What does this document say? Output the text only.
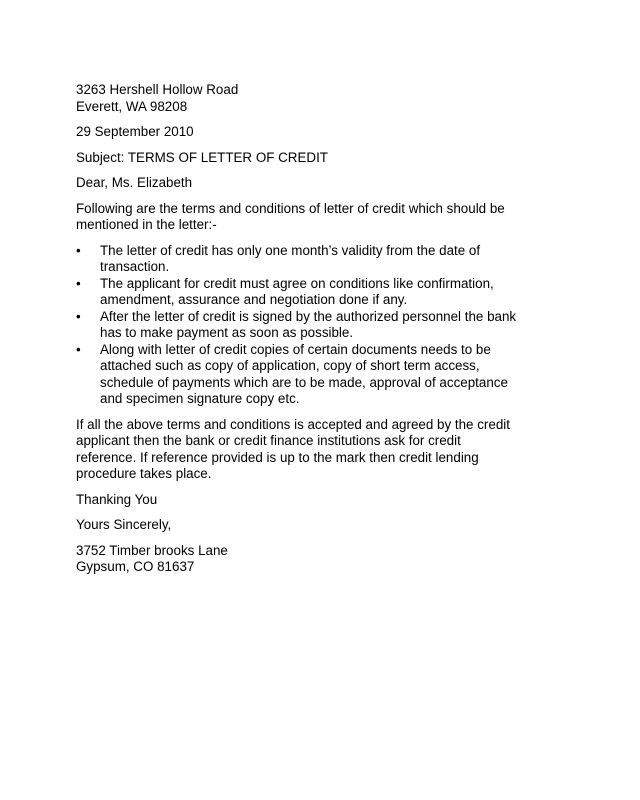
3263 Hershell Hollow Road
Everett, WA 98208
29 September 2010
Subject: TERMS OF LETTER OF CREDIT
Dear, Ms. Elizabeth
Following are the terms and conditions of letter of credit which should be
mentioned in the letter:-
•	The letter of credit has only one month’s validity from the date of
transaction.
•	The applicant for credit must agree on conditions like confirmation,
amendment, assurance and negotiation done if any.
•	After the letter of credit is signed by the authorized personnel the bank
has to make payment as soon as possible.
•	Along with letter of credit copies of certain documents needs to be
attached such as copy of application, copy of short term access,
schedule of payments which are to be made, approval of acceptance
and specimen signature copy etc.
If all the above terms and conditions is accepted and agreed by the credit
applicant then the bank or credit finance institutions ask for credit
reference. If reference provided is up to the mark then credit lending
procedure takes place.
Thanking You
Yours Sincerely,
3752 Timber brooks Lane
Gypsum, CO 81637
